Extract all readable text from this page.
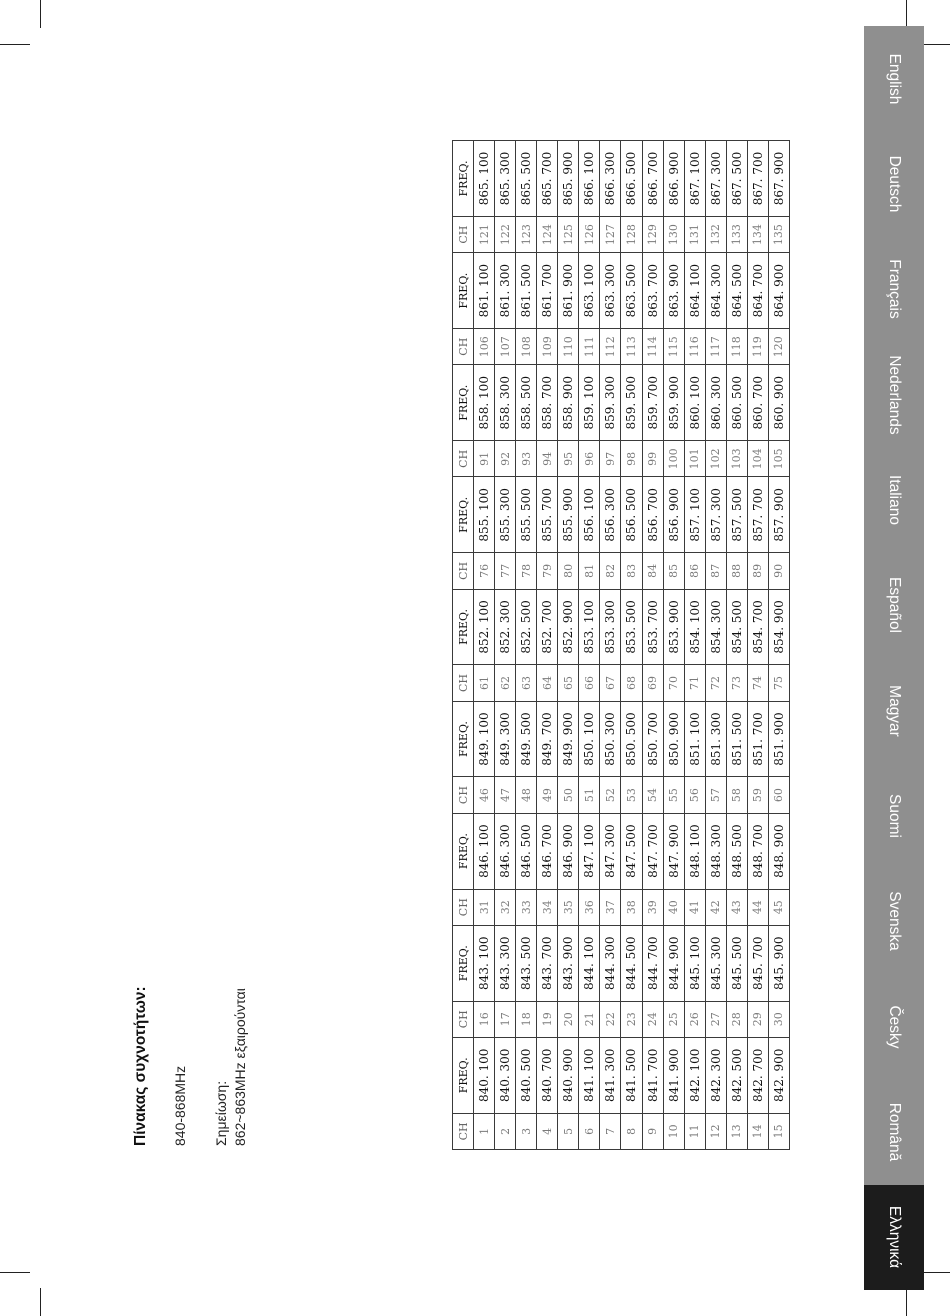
English
Deutsch
Français
Nederlands
Italiano
Español
Magyar
Suomi
Svenska
Česky
Română
Ελληνικά
Πίνακας συχνοτήτων: 840-868MHz Σημείωση: 862~863MHz εξαιρούνται	CH	FREQ.	CH	FREQ.	CH	FREQ.	CH	FREQ.	CH	FREQ.	CH	FREQ.	CH	FREQ.	CH	FREQ.	CH	FREQ.
1	840. 100	16	843. 100	31	846. 100	46	849. 100	61	852. 100	76	855. 100	91	858. 100	106	861. 100	121	865. 100
2	840. 300	17	843. 300	32	846. 300	47	849. 300	62	852. 300	77	855. 300	92	858. 300	107	861. 300	122	865. 300
3	840. 500	18	843. 500	33	846. 500	48	849. 500	63	852. 500	78	855. 500	93	858. 500	108	861. 500	123	865. 500
4	840. 700	19	843. 700	34	846. 700	49	849. 700	64	852. 700	79	855. 700	94	858. 700	109	861. 700	124	865. 700
5	840. 900	20	843. 900	35	846. 900	50	849. 900	65	852. 900	80	855. 900	95	858. 900	110	861. 900	125	865. 900
6	841. 100	21	844. 100	36	847. 100	51	850. 100	66	853. 100	81	856. 100	96	859. 100	111	863. 100	126	866. 100
7	841. 300	22	844. 300	37	847. 300	52	850. 300	67	853. 300	82	856. 300	97	859. 300	112	863. 300	127	866. 300
8	841. 500	23	844. 500	38	847. 500	53	850. 500	68	853. 500	83	856. 500	98	859. 500	113	863. 500	128	866. 500
9	841. 700	24	844. 700	39	847. 700	54	850. 700	69	853. 700	84	856. 700	99	859. 700	114	863. 700	129	866. 700
10	841. 900	25	844. 900	40	847. 900	55	850. 900	70	853. 900	85	856. 900	100	859. 900	115	863. 900	130	866. 900
11	842. 100	26	845. 100	41	848. 100	56	851. 100	71	854. 100	86	857. 100	101	860. 100	116	864. 100	131	867. 100
12	842. 300	27	845. 300	42	848. 300	57	851. 300	72	854. 300	87	857. 300	102	860. 300	117	864. 300	132	867. 300
13	842. 500	28	845. 500	43	848. 500	58	851. 500	73	854. 500	88	857. 500	103	860. 500	118	864. 500	133	867. 500
14	842. 700	29	845. 700	44	848. 700	59	851. 700	74	854. 700	89	857. 700	104	860. 700	119	864. 700	134	867. 700
15	842. 900	30	845. 900	45	848. 900	60	851. 900	75	854. 900	90	857. 900	105	860. 900	120	864. 900	135	867. 900
